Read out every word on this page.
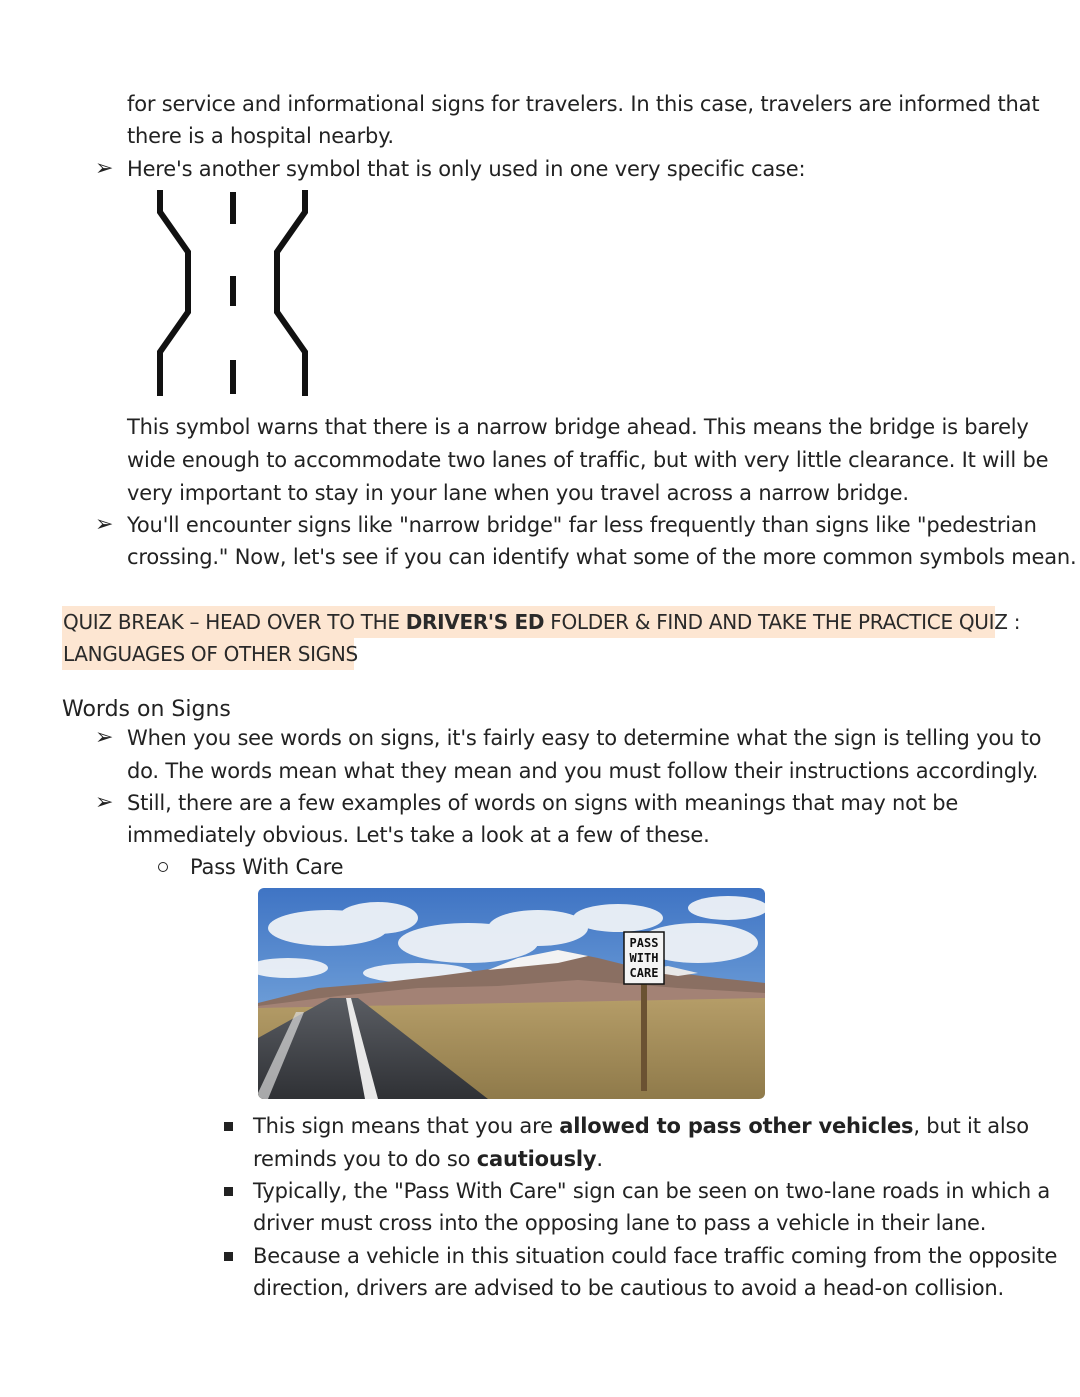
for service and informational signs for travelers. In this case, travelers are informed that
there is a hospital nearby.
➢ Here's another symbol that is only used in one very specific case:
This symbol warns that there is a narrow bridge ahead. This means the bridge is barely
wide enough to accommodate two lanes of traffic, but with very little clearance. It will be
very important to stay in your lane when you travel across a narrow bridge.
➢ You'll encounter signs like "narrow bridge" far less frequently than signs like "pedestrian
crossing." Now, let's see if you can identify what some of the more common symbols mean.
QUIZ BREAK – HEAD OVER TO THE DRIVER'S ED FOLDER & FIND AND TAKE THE PRACTICE QUIZ :
LANGUAGES OF OTHER SIGNS
Words on Signs
➢ When you see words on signs, it's fairly easy to determine what the sign is telling you to
do. The words mean what they mean and you must follow their instructions accordingly.
➢ Still, there are a few examples of words on signs with meanings that may not be
immediately obvious. Let's take a look at a few of these.
Pass With Care
PASS
WITH
CARE
This sign means that you are allowed to pass other vehicles, but it also
reminds you to do so cautiously.
Typically, the "Pass With Care" sign can be seen on two-lane roads in which a
driver must cross into the opposing lane to pass a vehicle in their lane.
Because a vehicle in this situation could face traffic coming from the opposite
direction, drivers are advised to be cautious to avoid a head-on collision.
